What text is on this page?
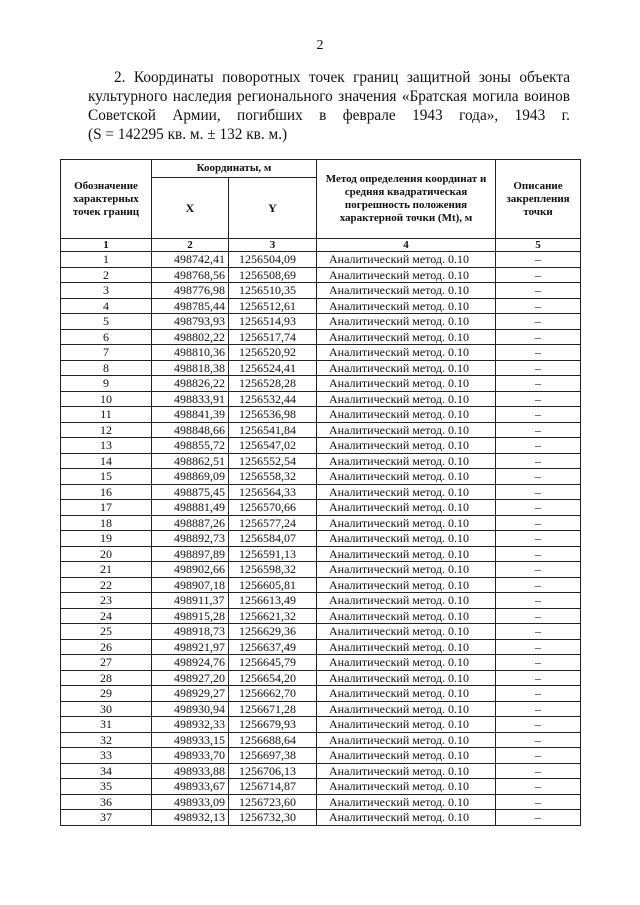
2
2. Координаты поворотных точек границ защитной зоны объекта
культурного наследия регионального значения «Братская могила воинов
Советской Армии, погибших в феврале 1943 года», 1943 г.
(S = 142295 кв. м. ± 132 кв. м.)
Обозначение характерных точек границ	Координаты, м		Метод определения координат и средняя квадратическая погрешность положения характерной точки (Mt), м	Описание закрепления точки
	X	Y		
1	2	3	4	5
1	498742,41	1256504,09	Аналитический метод. 0.10	–
2	498768,56	1256508,69	Аналитический метод. 0.10	–
3	498776,98	1256510,35	Аналитический метод. 0.10	–
4	498785,44	1256512,61	Аналитический метод. 0.10	–
5	498793,93	1256514,93	Аналитический метод. 0.10	–
6	498802,22	1256517,74	Аналитический метод. 0.10	–
7	498810,36	1256520,92	Аналитический метод. 0.10	–
8	498818,38	1256524,41	Аналитический метод. 0.10	–
9	498826,22	1256528,28	Аналитический метод. 0.10	–
10	498833,91	1256532,44	Аналитический метод. 0.10	–
11	498841,39	1256536,98	Аналитический метод. 0.10	–
12	498848,66	1256541,84	Аналитический метод. 0.10	–
13	498855,72	1256547,02	Аналитический метод. 0.10	–
14	498862,51	1256552,54	Аналитический метод. 0.10	–
15	498869,09	1256558,32	Аналитический метод. 0.10	–
16	498875,45	1256564,33	Аналитический метод. 0.10	–
17	498881,49	1256570,66	Аналитический метод. 0.10	–
18	498887,26	1256577,24	Аналитический метод. 0.10	–
19	498892,73	1256584,07	Аналитический метод. 0.10	–
20	498897,89	1256591,13	Аналитический метод. 0.10	–
21	498902,66	1256598,32	Аналитический метод. 0.10	–
22	498907,18	1256605,81	Аналитический метод. 0.10	–
23	498911,37	1256613,49	Аналитический метод. 0.10	–
24	498915,28	1256621,32	Аналитический метод. 0.10	–
25	498918,73	1256629,36	Аналитический метод. 0.10	–
26	498921,97	1256637,49	Аналитический метод. 0.10	–
27	498924,76	1256645,79	Аналитический метод. 0.10	–
28	498927,20	1256654,20	Аналитический метод. 0.10	–
29	498929,27	1256662,70	Аналитический метод. 0.10	–
30	498930,94	1256671,28	Аналитический метод. 0.10	–
31	498932,33	1256679,93	Аналитический метод. 0.10	–
32	498933,15	1256688,64	Аналитический метод. 0.10	–
33	498933,70	1256697,38	Аналитический метод. 0.10	–
34	498933,88	1256706,13	Аналитический метод. 0.10	–
35	498933,67	1256714,87	Аналитический метод. 0.10	–
36	498933,09	1256723,60	Аналитический метод. 0.10	–
37	498932,13	1256732,30	Аналитический метод. 0.10	–
